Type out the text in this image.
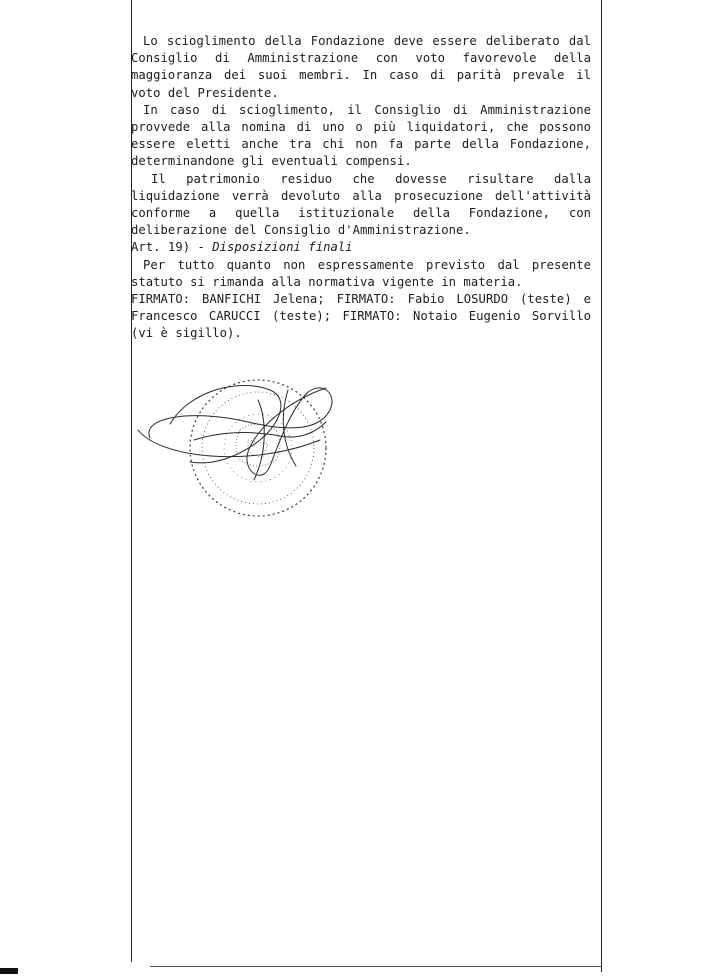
Lo scioglimento della Fondazione deve essere deliberato dal
Consiglio di Amministrazione con voto favorevole della
maggioranza dei suoi membri. In caso di parità prevale il
voto del Presidente.

In caso di scioglimento, il Consiglio di Amministrazione
provvede alla nomina di uno o più liquidatori, che possono
essere eletti anche tra chi non fa parte della Fondazione,
determinandone gli eventuali compensi.

Il patrimonio residuo che dovesse risultare dalla
liquidazione verrà devoluto alla prosecuzione dell'attività
conforme a quella istituzionale della Fondazione, con
deliberazione del Consiglio d'Amministrazione.

Art. 19) - Disposizioni finali

Per tutto quanto non espressamente previsto dal presente
statuto si rimanda alla normativa vigente in materia.

FIRMATO: BANFICHI Jelena; FIRMATO: Fabio LOSURDO (teste) e
Francesco CARUCCI (teste); FIRMATO: Notaio Eugenio Sorvillo
(vi è sigillo).
